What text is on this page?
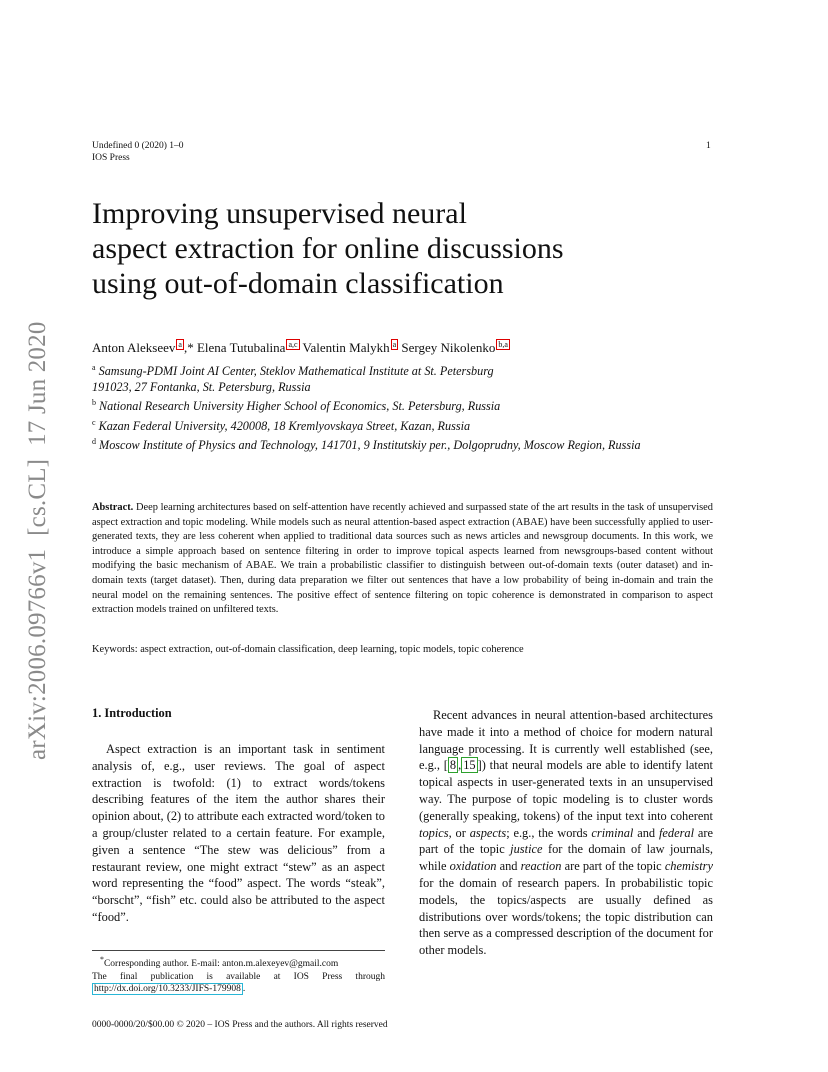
arXiv:2006.09766v1  [cs.CL]  17 Jun 2020
Undefined 0 (2020) 1–0
IOS Press
1
Improving unsupervised neural
aspect extraction for online discussions
using out-of-domain classification
Anton Alekseev a ,* Elena Tutubalina a,c Valentin Malykh a Sergey Nikolenko b,a
$^a$ Samsung-PDMI Joint AI Center, Steklov Mathematical Institute at St. Petersburg
191023, 27 Fontanka, St. Petersburg, Russia
$^b$ National Research University Higher School of Economics, St. Petersburg, Russia
$^c$ Kazan Federal University, 420008, 18 Kremlyovskaya Street, Kazan, Russia
$^d$ Moscow Institute of Physics and Technology, 141701, 9 Institutskiy per., Dolgoprudny, Moscow Region, Russia
Abstract. Deep learning architectures based on self-attention have recently achieved and surpassed state of the art results in the task of unsupervised aspect extraction and topic modeling. While models such as neural attention-based aspect extraction (ABAE) have been successfully applied to user-generated texts, they are less coherent when applied to traditional data sources such as news articles and newsgroup documents. In this work, we introduce a simple approach based on sentence filtering in order to improve topical aspects learned from newsgroups-based content without modifying the basic mechanism of ABAE. We train a probabilistic classifier to distinguish between out-of-domain texts (outer dataset) and in-domain texts (target dataset). Then, during data preparation we filter out sentences that have a low probability of being in-domain and train the neural model on the remaining sentences. The positive effect of sentence filtering on topic coherence is demonstrated in comparison to aspect extraction models trained on unfiltered texts.
Keywords: aspect extraction, out-of-domain classification, deep learning, topic models, topic coherence
1. Introduction

Aspect extraction is an important task in sentiment analysis of, e.g., user reviews. The goal of aspect extraction is twofold: (1) to extract words/tokens describing features of the item the author shares their opinion about, (2) to attribute each extracted word/token to a group/cluster related to a certain feature. For example, given a sentence “The stew was delicious” from a restaurant review, one might extract “stew” as an aspect word representing the “food” aspect. The words “steak”, “borscht”, “fish” etc. could also be attributed to the aspect “food”.

Recent advances in neural attention-based architectures have made it into a method of choice for modern natural language processing. It is currently well established (see, e.g., [ 8 , 15 ]) that neural models are able to identify latent topical aspects in user-generated texts in an unsupervised way. The purpose of topic modeling is to cluster words (generally speaking, tokens) of the input text into coherent topics, or aspects; e.g., the words criminal and federal are part of the topic justice for the domain of law journals, while oxidation and reaction are part of the topic chemistry for the domain of research papers. In probabilistic topic models, the topics/aspects are usually defined as distributions over words/tokens; the topic distribution can then serve as a compressed description of the document for other models.

*Corresponding author. E-mail: anton.m.alexeyev@gmail.com
The final publication is available at IOS Press through http://dx.doi.org/10.3233/JIFS-179908 .
0000-0000/20/$00.00 © 2020 – IOS Press and the authors. All rights reserved
